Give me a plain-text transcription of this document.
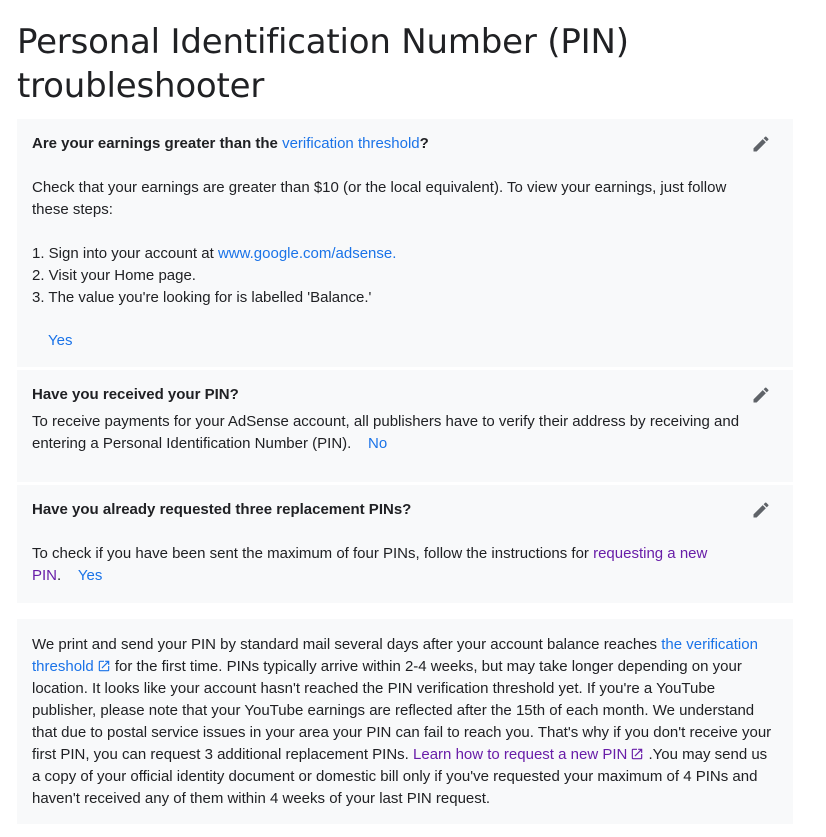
Personal Identification Number (PIN) troubleshooter
Are your earnings greater than the verification threshold?
Check that your earnings are greater than $10 (or the local equivalent). To view your earnings, just follow these steps:
1. Sign into your account at www.google.com/adsense.
2. Visit your Home page.
3. The value you're looking for is labelled 'Balance.'
Yes
Have you received your PIN?
To receive payments for your AdSense account, all publishers have to verify their address by receiving and entering a Personal Identification Number (PIN). No
Have you already requested three replacement PINs?
To check if you have been sent the maximum of four PINs, follow the instructions for requesting a new PIN. Yes
We print and send your PIN by standard mail several days after your account balance reaches the verification threshold for the first time. PINs typically arrive within 2-4 weeks, but may take longer depending on your location. It looks like your account hasn't reached the PIN verification threshold yet. If you're a YouTube publisher, please note that your YouTube earnings are reflected after the 15th of each month. We understand that due to postal service issues in your area your PIN can fail to reach you. That's why if you don't receive your first PIN, you can request 3 additional replacement PINs. Learn how to request a new PIN .You may send us a copy of your official identity document or domestic bill only if you've requested your maximum of 4 PINs and haven't received any of them within 4 weeks of your last PIN request.
